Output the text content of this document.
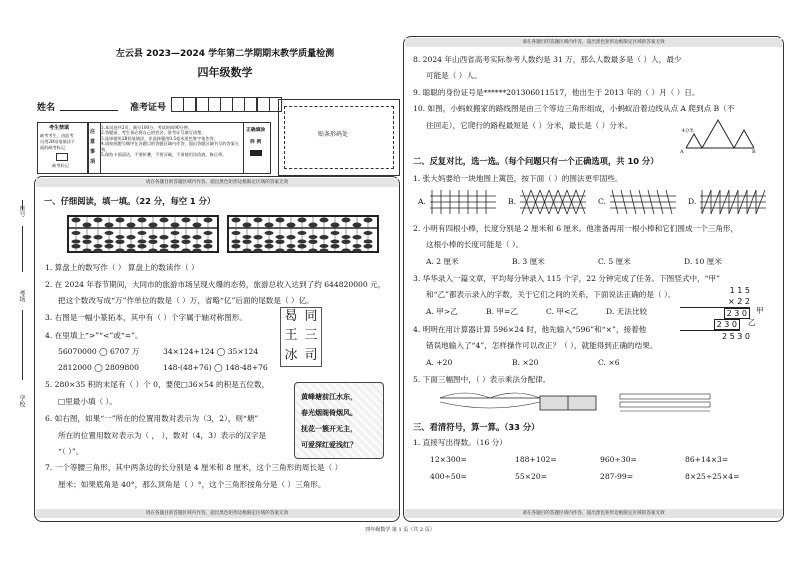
座号
考场
学校
左云县 2023—2024 学年第二学期期末教学质量检测
四年级数学
姓名	准考证号
考生禁填
缺考考生，由监考
员用2B铅笔填涂下
面的缺考标记
缺考标记
注
意
事
项
1.本试卷共2页，满分100分，考试时间90分钟。
2.答题前，考生务必将自己的姓名、准考证号填写清楚。
3.选择题用2B铅笔填涂，非选择题用0.5毫米黑色签字笔作答。
4.请按照题号顺序在各题目的答题区域内作答，超出答题区域书写的答案无效。
5.保持卡面清洁，不要折叠，不要弄破，不准使用涂改液、修正带。
正确填涂
样 例
贴条形码处
请在各题目的答题区域内作答，超出黑色矩形边框限定区域的答案无效
请在各题目的答题区域内作答，超出黑色矩形边框限定区域的答案无效
一、仔细阅读，填一填。（22 分，每空 1 分）
1. 算盘上的数写作（ ） 算盘上的数读作（ ）
2. 在 2024 年春节期间，大同市的旅游市场呈现火爆的态势，旅游总收入达到了约 644820000 元，
把这个数改写成“万”作单位的数是（ ）万，省略“亿”后面的尾数是（ ）亿。
3. 右图是一幅小篆拓本，其中有（ ）个字属于轴对称图形。
4. 在里填上“>”“<”或“=”。
56070000 ◯ 6707 万	34×124+124 ◯ 35×124
2812000 ◯ 2809800	148-(48+76) ◯ 148-48+76
5. 280×35 积的末尾有（ ）个 0，要使□36×54 的积是五位数，
□里最小填（ ）。
6. 如右图，如果“一”所在的位置用数对表示为（3，2），则“塘”
所在的位置用数对表示为（ ， ），数对（4，3）表示的汉字是
“（ ）”。
7. 一个等腰三角形，其中两条边的长分别是 4 厘米和 8 厘米，这个三角形的周长是（ ）
厘米；如果底角是 40°，那么顶角是（ ）°，这个三角形按角分是（ ）三角形。
曷 同
王 三
冰 司
黄峰塘前江水东，
春光烟阁倚烟风。
抚花一簇开无主，
可爱深红爱浅红？
请在各题目的答题区域内作答，超出黑色矩形边框限定区域的答案无效
请在各题目的答题区域内作答，超出黑色矩形边框限定区域的答案无效
8. 2024 年山西省高考实际参考人数约是 31 万，那么人数最多是（ ）人，最少
可能是（ ）人。
9. 聪聪的身份证号是******201306011517，他出生于 2013 年的（ ）月（ ）日。
10. 如图，小蚂蚁搬家的路线图是由三个等边三角形组成，小蚂蚁沿着边线从点 A 爬到点 B（不
往回走），它爬行的路程最短是（ ）分米，最长是（ ）分米。
A	B
4分米
二、反复对比，选一选。（每个问题只有一个正确选项，共 10 分）
1. 张大妈要给一块地围上篱笆，按下面（ ）的围法更牢固些。
A.	B.	C.	D.
2. 小明有四根小棒，长度分别是 2 厘米和 6 厘米。他准备再用一根小棒和它们围成一个三角形，
这根小棒的长度可能是（ ）。
A. 2 厘米	B. 3 厘米	C. 5 厘米	D. 10 厘米
3. 华华录入一篇文章，平均每分钟录入 115 个字，22 分钟完成了任务。下图竖式中，“甲”
和“乙”都表示录入的字数，关于它们之间的关系，下面说法正确的是（ ）。
A. 甲>乙	B. 甲=乙	C. 甲<乙	D. 无法比较
1 1 5
× 2 2
2 3 0
2 3 0
2 5 3 0
甲
乙
4. 明明在用计算器计算 596×24 时，他先输入“596”和“×”，接着他
错误地输入了“4”，怎样操作可以改正？（ ），就能得到正确的结果。
A. +20	B. ×20	C. ×6
5. 下面三幅图中，（ ）表示乘法分配律。
三、看清符号，算一算。（33 分）
1. 直接写出得数。（16 分）
12×300=	188+102=	960÷30=	86+14×3=
400÷50=	55×20=	287-99=	8×25÷25×4=
四年级数学 第 1 页（共 2 页）
